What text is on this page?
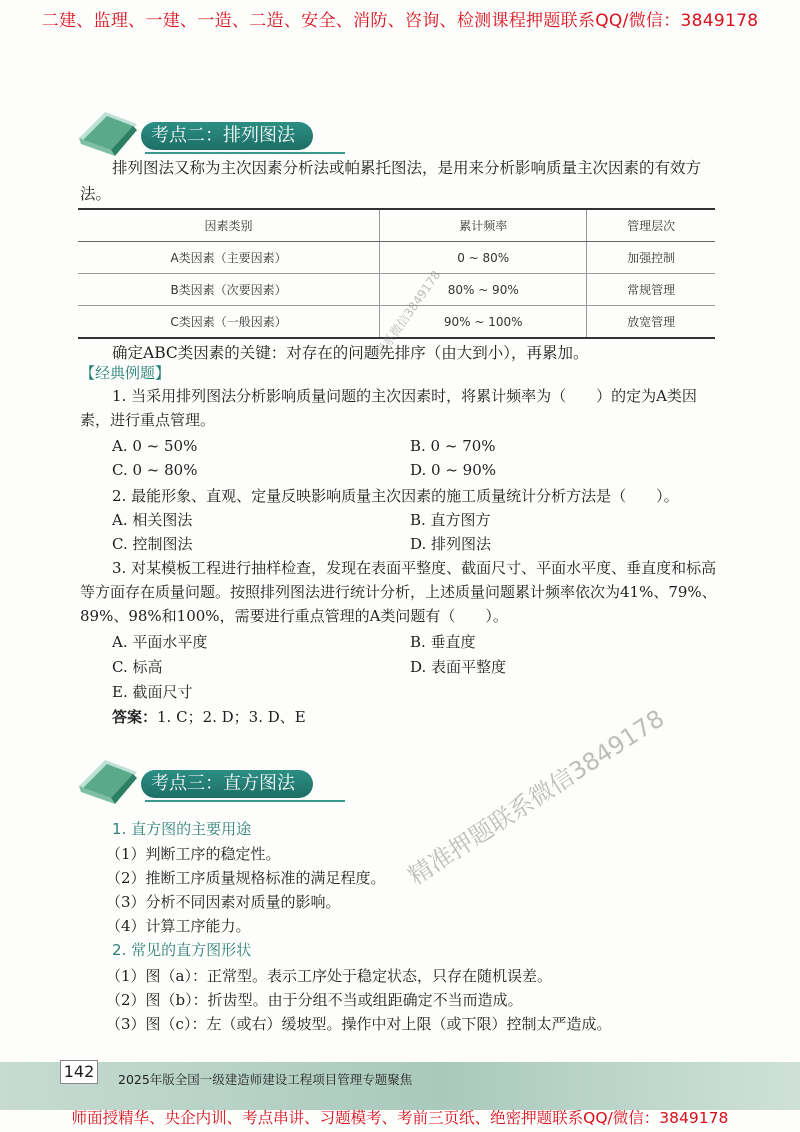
二建、监理、一建、一造、二造、安全、消防、咨询、检测课程押题联系QQ/微信：3849178
考点二：排列图法
排列图法又称为主次因素分析法或帕累托图法，是用来分析影响质量主次因素的有效方法。
因素类别	累计频率	管理层次
A类因素（主要因素）	0 ~ 80%	加强控制
B类因素（次要因素）	80% ~ 90%	常规管理
C类因素（一般因素）	90% ~ 100%	放宽管理
确定ABC类因素的关键：对存在的问题先排序（由大到小），再累加。
【经典例题】
1. 当采用排列图法分析影响质量问题的主次因素时，将累计频率为（　　）的定为A类因素，进行重点管理。
A. 0 ~ 50%	B. 0 ~ 70%
C. 0 ~ 80%	D. 0 ~ 90%
2. 最能形象、直观、定量反映影响质量主次因素的施工质量统计分析方法是（　　）。
A. 相关图法	B. 直方图方
C. 控制图法	D. 排列图法
3. 对某模板工程进行抽样检查，发现在表面平整度、截面尺寸、平面水平度、垂直度和标高等方面存在质量问题。按照排列图法进行统计分析，上述质量问题累计频率依次为41%、79%、89%、98%和100%，需要进行重点管理的A类问题有（　　）。
A. 平面水平度	B. 垂直度
C. 标高	D. 表面平整度
E. 截面尺寸
答案：1. C；2. D；3. D、E
考点三：直方图法
1. 直方图的主要用途
（1）判断工序的稳定性。
（2）推断工序质量规格标准的满足程度。
（3）分析不同因素对质量的影响。
（4）计算工序能力。
2. 常见的直方图形状
（1）图（a）：正常型。表示工序处于稳定状态，只存在随机误差。
（2）图（b）：折齿型。由于分组不当或组距确定不当而造成。
（3）图（c）：左（或右）缓坡型。操作中对上限（或下限）控制太严造成。
联系微信3849178
精准押题联系微信3849178
142 2025年版全国一级建造师建设工程项目管理专题聚焦
师面授精华、央企内训、考点串讲、习题模考、考前三页纸、绝密押题联系QQ/微信：3849178
